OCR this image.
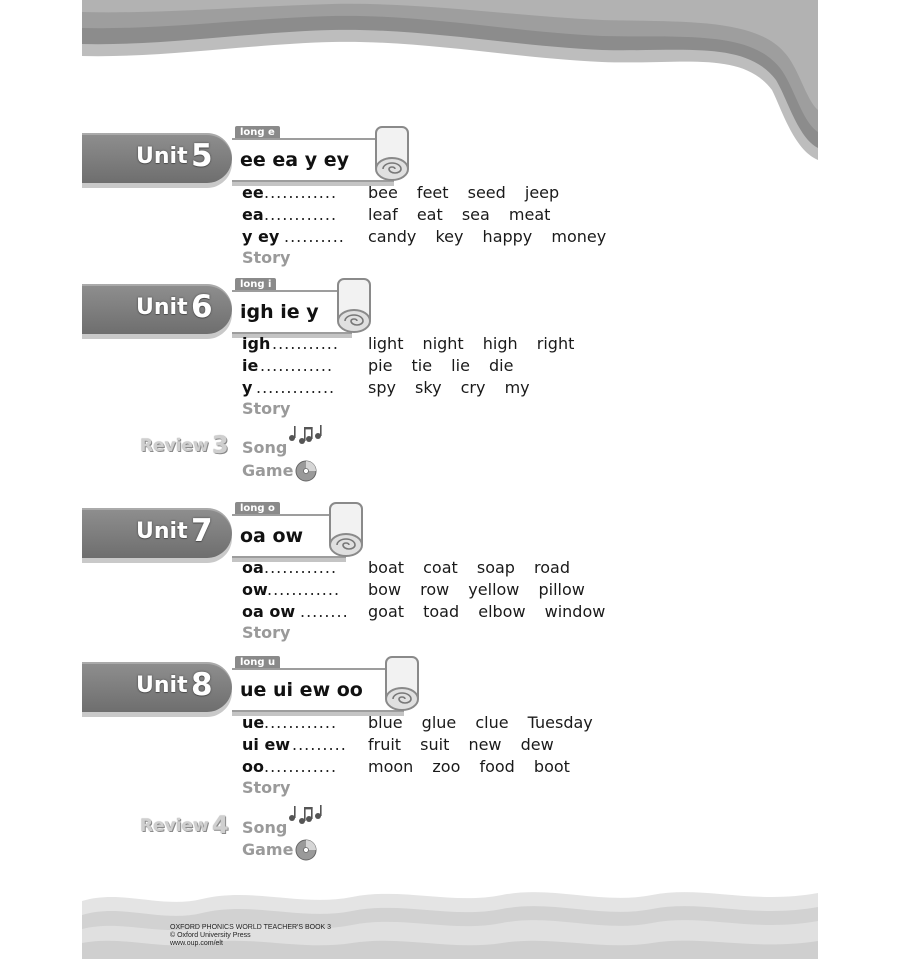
Unit 5
long e
ee ea y ey
ee ............ bee feet seed jeep
ea ............ leaf eat sea meat
y ey .......... candy key happy money
Story
Unit 6
long i
igh ie y
igh ........... light night high right
ie ............ pie tie lie die
y ............. spy sky cry my
Story
Review 3 Song
Game
Unit 7
long o
oa ow
oa ............ boat coat soap road
ow ............ bow row yellow pillow
oa ow ........ goat toad elbow window
Story
Unit 8
long u
ue ui ew oo
ue ............ blue glue clue Tuesday
ui ew ......... fruit suit new dew
oo ............ moon zoo food boot
Story
Review 4 Song
Game
OXFORD PHONICS WORLD TEACHER'S BOOK 3
© Oxford University Press
www.oup.com/elt
